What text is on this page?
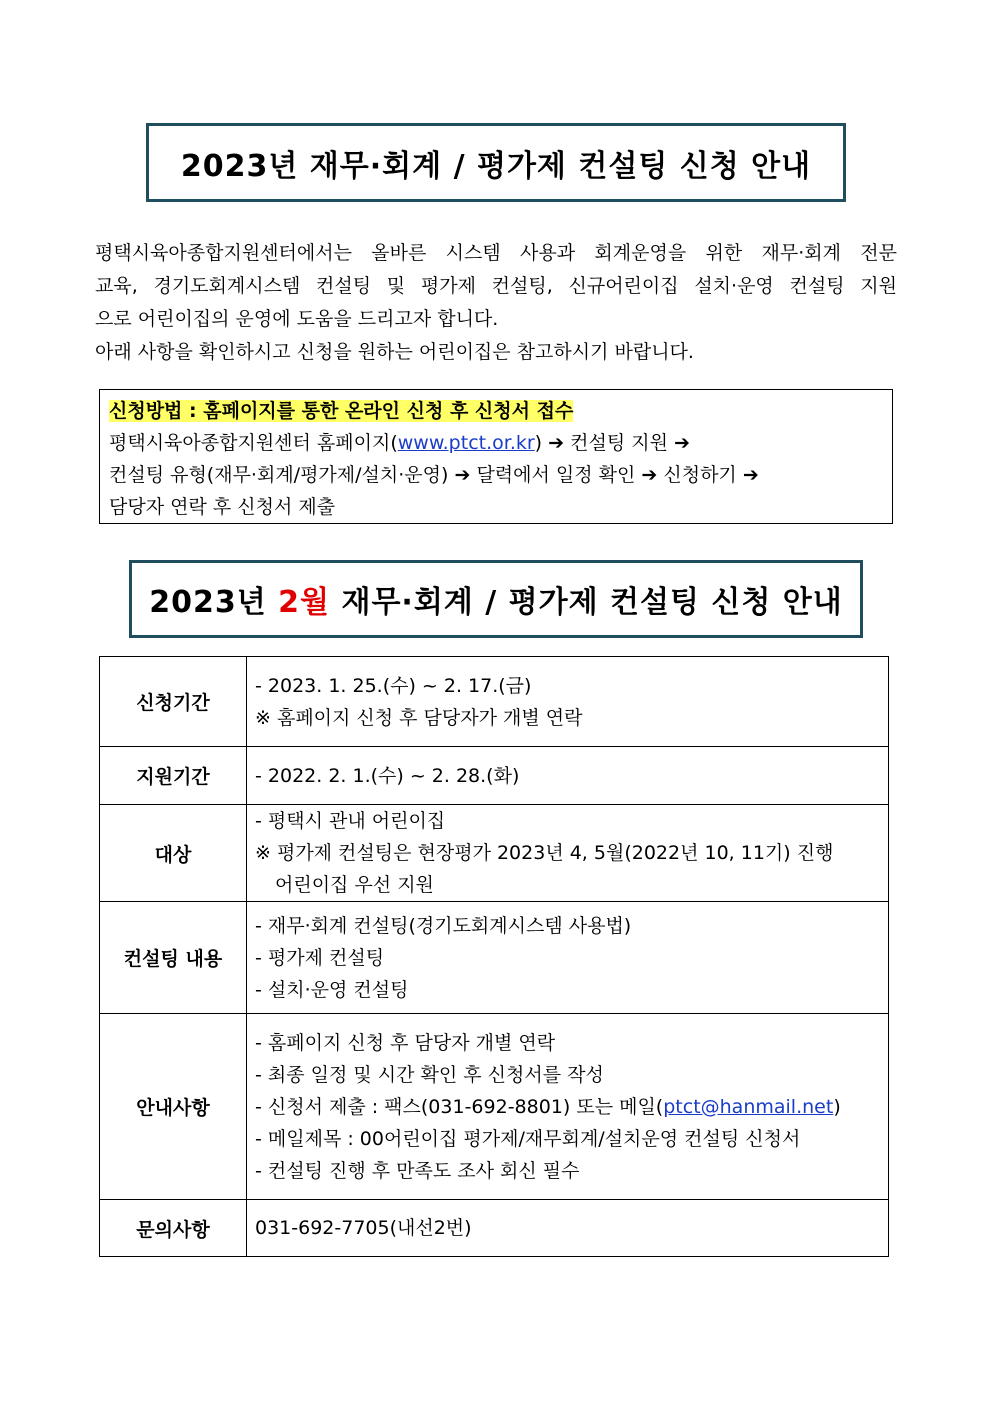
2023년 재무·회계 / 평가제 컨설팅 신청 안내
평택시육아종합지원센터에서는 올바른 시스템 사용과 회계운영을 위한 재무·회계 전문
교육, 경기도회계시스템 컨설팅 및 평가제 컨설팅, 신규어린이집 설치·운영 컨설팅 지원
으로 어린이집의 운영에 도움을 드리고자 합니다.
아래 사항을 확인하시고 신청을 원하는 어린이집은 참고하시기 바랍니다.
신청방법 : 홈페이지를 통한 온라인 신청 후 신청서 접수
평택시육아종합지원센터 홈페이지(www.ptct.or.kr) ➔ 컨설팅 지원 ➔
컨설팅 유형(재무·회계/평가제/설치·운영) ➔ 달력에서 일정 확인 ➔ 신청하기 ➔
담당자 연락 후 신청서 제출
2023년 2월 재무·회계 / 평가제 컨설팅 신청 안내
신청기간	- 2023. 1. 25.(수) ~ 2. 17.(금)
※ 홈페이지 신청 후 담당자가 개별 연락

지원기간	- 2022. 2. 1.(수) ~ 2. 28.(화)

대상	- 평택시 관내 어린이집
※ 평가제 컨설팅은 현장평가 2023년 4, 5월(2022년 10, 11기) 진행
어린이집 우선 지원

컨설팅 내용	- 재무·회계 컨설팅(경기도회계시스템 사용법)
- 평가제 컨설팅
- 설치·운영 컨설팅

안내사항	- 홈페이지 신청 후 담당자 개별 연락
- 최종 일정 및 시간 확인 후 신청서를 작성
- 신청서 제출 : 팩스(031-692-8801) 또는 메일(ptct@hanmail.net)
- 메일제목 : 00어린이집 평가제/재무회계/설치운영 컨설팅 신청서
- 컨설팅 진행 후 만족도 조사 회신 필수

문의사항	031-692-7705(내선2번)
